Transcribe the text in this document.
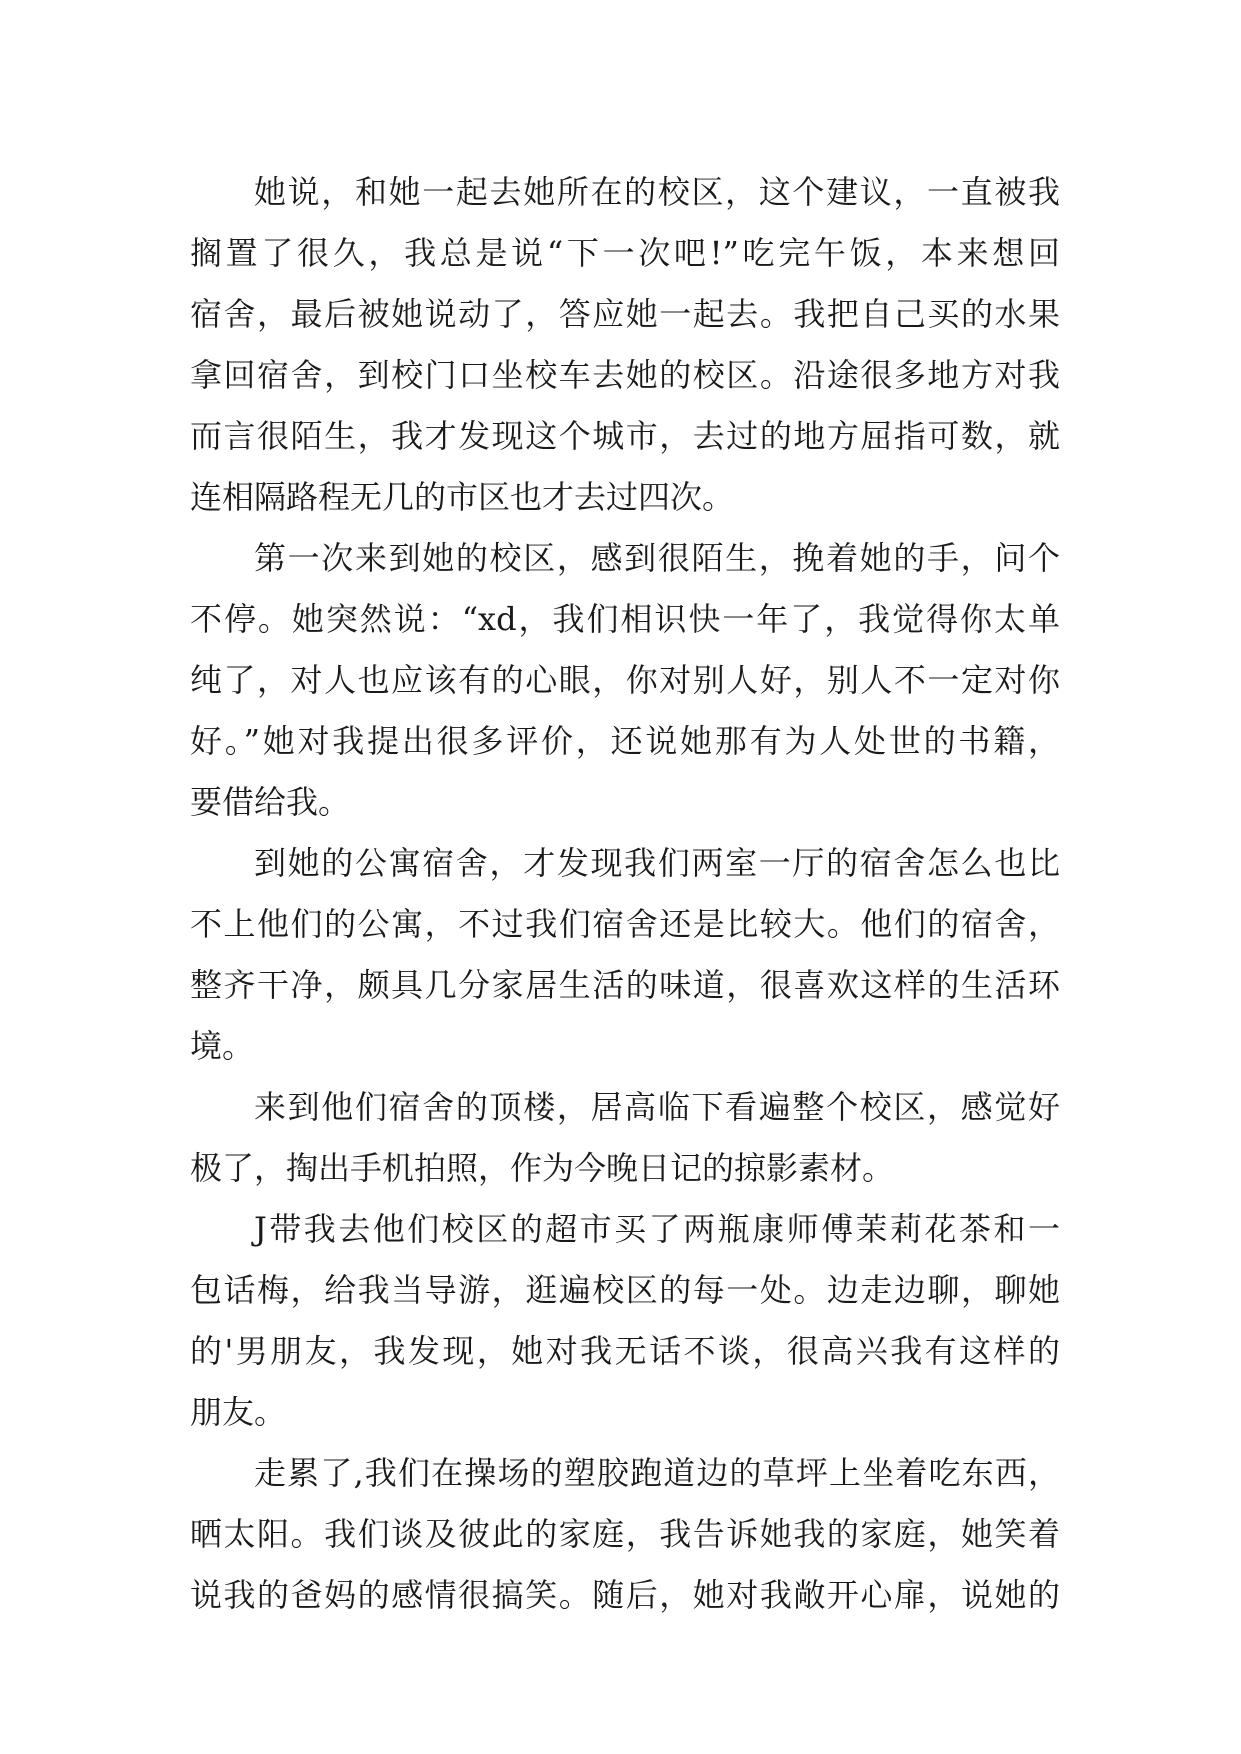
她说，和她一起去她所在的校区，这个建议，一直被我
搁置了很久，我总是说“下一次吧!”吃完午饭，本来想回
宿舍，最后被她说动了，答应她一起去。我把自己买的水果
拿回宿舍，到校门口坐校车去她的校区。沿途很多地方对我
而言很陌生，我才发现这个城市，去过的地方屈指可数，就
连相隔路程无几的市区也才去过四次。

第一次来到她的校区，感到很陌生，挽着她的手，问个
不停。她突然说：“xd，我们相识快一年了，我觉得你太单
纯了，对人也应该有的心眼，你对别人好，别人不一定对你
好。”她对我提出很多评价，还说她那有为人处世的书籍，
要借给我。

到她的公寓宿舍，才发现我们两室一厅的宿舍怎么也比
不上他们的公寓，不过我们宿舍还是比较大。他们的宿舍，
整齐干净，颇具几分家居生活的味道，很喜欢这样的生活环
境。

来到他们宿舍的顶楼，居高临下看遍整个校区，感觉好
极了，掏出手机拍照，作为今晚日记的掠影素材。

J带我去他们校区的超市买了两瓶康师傅茉莉花茶和一
包话梅，给我当导游，逛遍校区的每一处。边走边聊，聊她
的'男朋友，我发现，她对我无话不谈，很高兴我有这样的
朋友。

走累了,我们在操场的塑胶跑道边的草坪上坐着吃东西，
晒太阳。我们谈及彼此的家庭，我告诉她我的家庭，她笑着
说我的爸妈的感情很搞笑。随后，她对我敞开心扉，说她的
